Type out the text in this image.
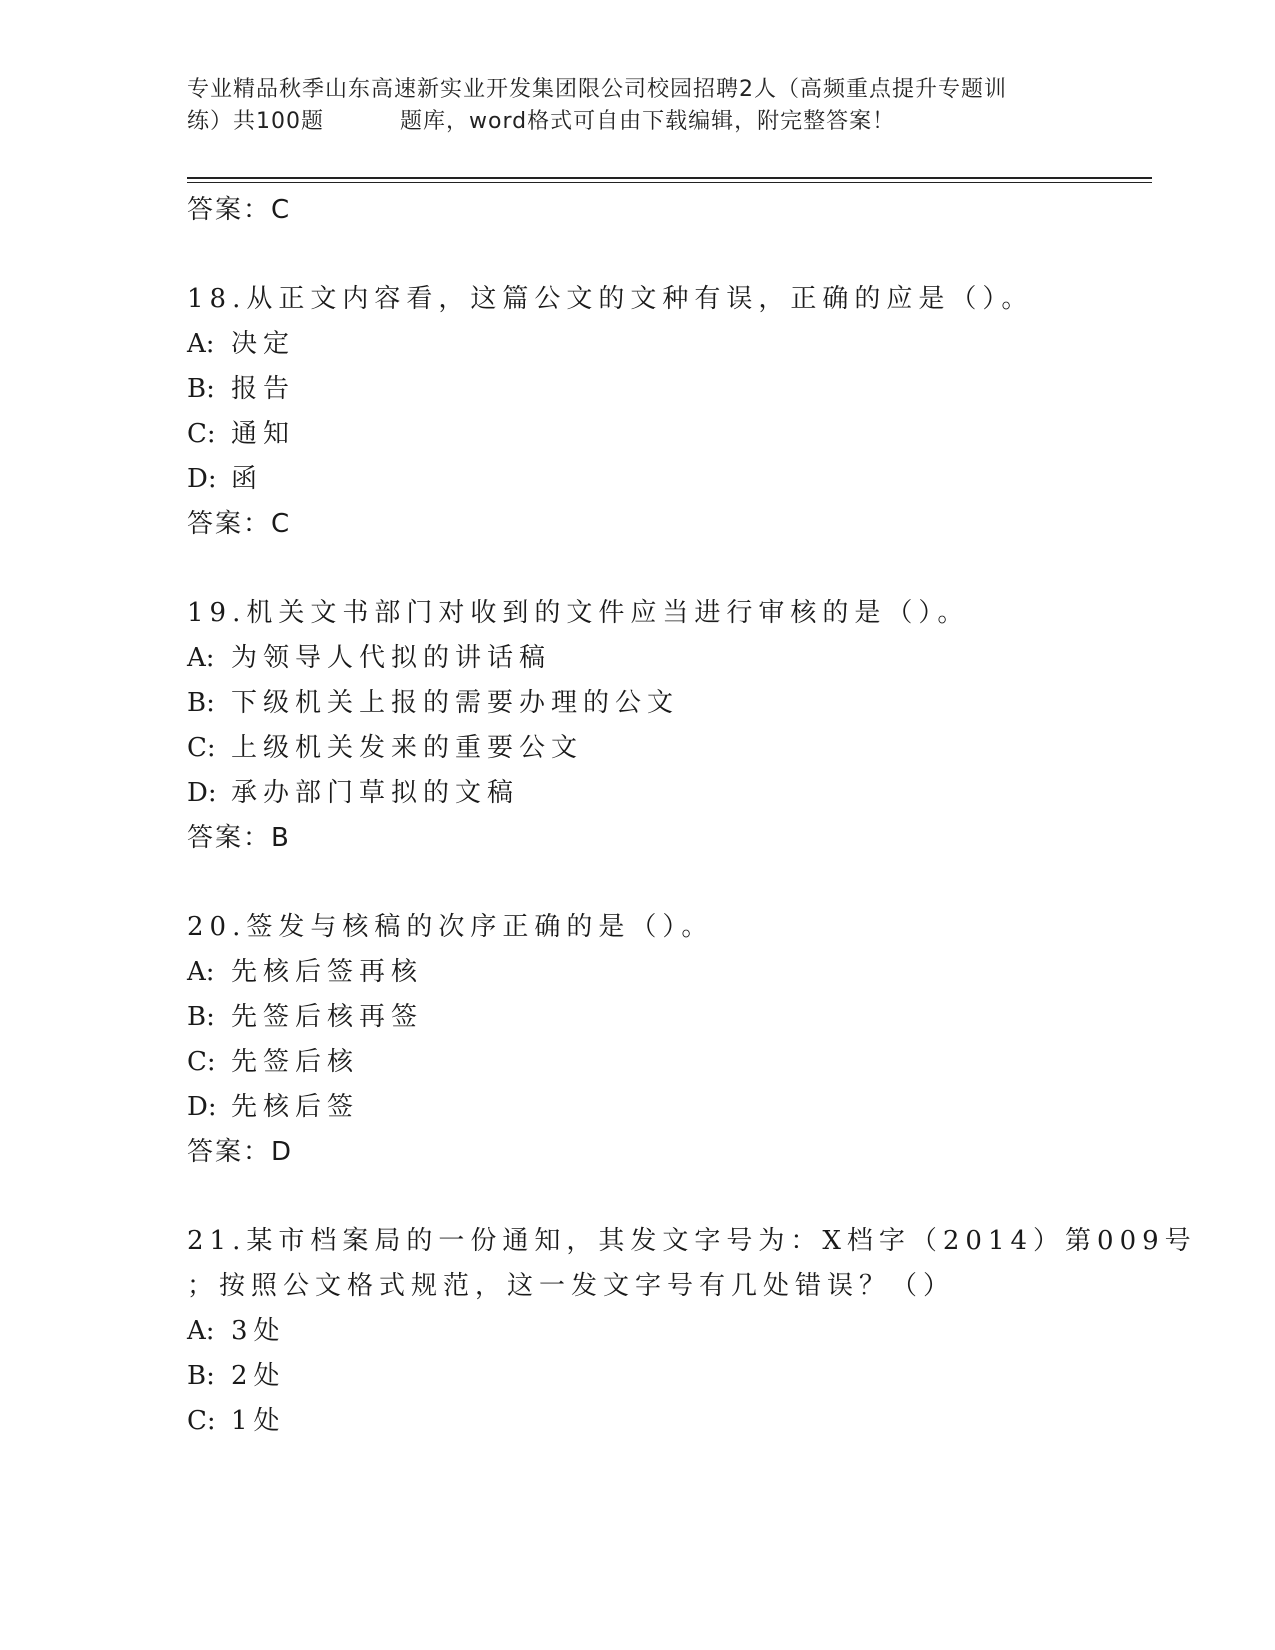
专业精品秋季山东高速新实业开发集团限公司校园招聘2人（高频重点提升专题训
练）共100题	题库，word格式可自由下载编辑，附完整答案！
答案：C
18.从正文内容看，这篇公文的文种有误，正确的应是（）。
A: 决定
B: 报告
C: 通知
D: 函
答案：C
19.机关文书部门对收到的文件应当进行审核的是（）。
A: 为领导人代拟的讲话稿
B: 下级机关上报的需要办理的公文
C: 上级机关发来的重要公文
D: 承办部门草拟的文稿
答案：B
20.签发与核稿的次序正确的是（）。
A: 先核后签再核
B: 先签后核再签
C: 先签后核
D: 先核后签
答案：D
21.某市档案局的一份通知，其发文字号为：X档字（2014）第009号
；按照公文格式规范，这一发文字号有几处错误？（）
A: 3处
B: 2处
C: 1处
